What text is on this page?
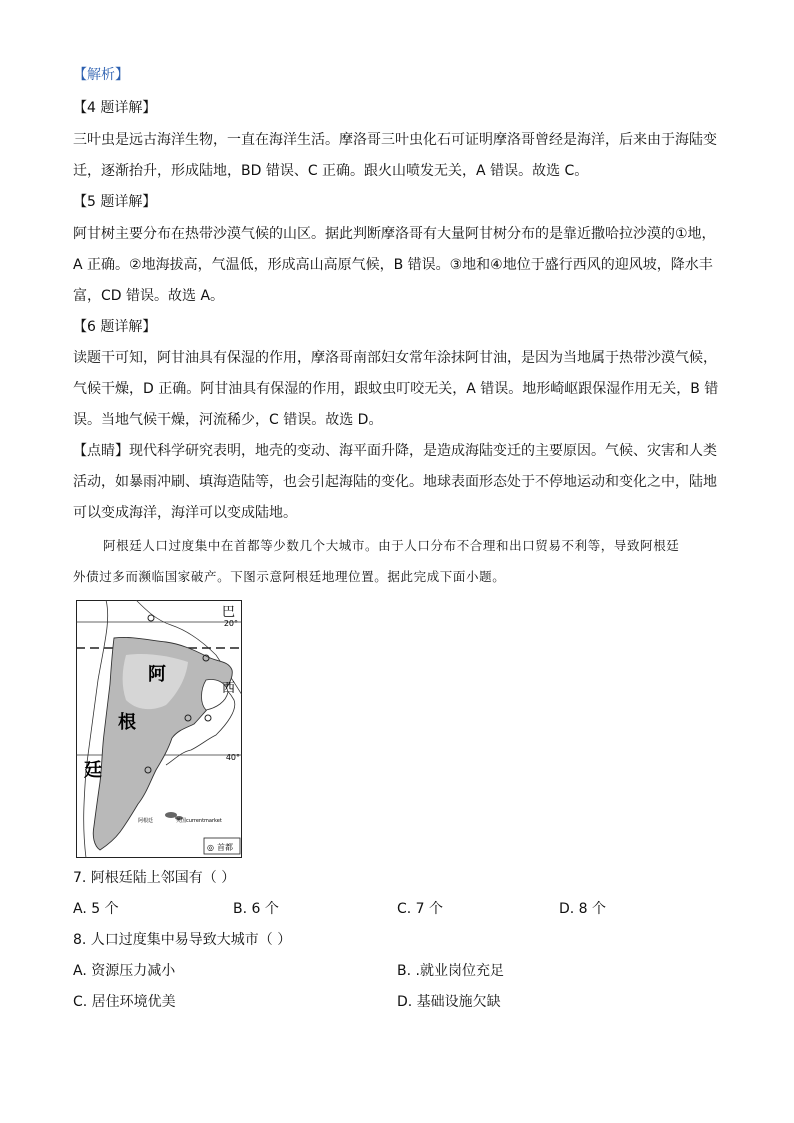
【解析】
【4 题详解】
三叶虫是远古海洋生物，一直在海洋生活。摩洛哥三叶虫化石可证明摩洛哥曾经是海洋，后来由于海陆变
迁，逐渐抬升，形成陆地，BD 错误、C 正确。跟火山喷发无关，A 错误。故选 C。
【5 题详解】
阿甘树主要分布在热带沙漠气候的山区。据此判断摩洛哥有大量阿甘树分布的是靠近撒哈拉沙漠的①地，
A 正确。②地海拔高，气温低，形成高山高原气候，B 错误。③地和④地位于盛行西风的迎风坡，降水丰
富，CD 错误。故选 A。
【6 题详解】
读题干可知，阿甘油具有保湿的作用，摩洛哥南部妇女常年涂抹阿甘油，是因为当地属于热带沙漠气候，
气候干燥，D 正确。阿甘油具有保湿的作用，跟蚊虫叮咬无关，A 错误。地形崎岖跟保湿作用无关，B 错
误。当地气候干燥，河流稀少，C 错误。故选 D。
【点睛】现代科学研究表明，地壳的变动、海平面升降，是造成海陆变迁的主要原因。气候、灾害和人类
活动，如暴雨冲刷、填海造陆等，也会引起海陆的变化。地球表面形态处于不停地运动和变化之中，陆地
可以变成海洋，海洋可以变成陆地。
阿根廷人口过度集中在首都等少数几个大城市。由于人口分布不合理和出口贸易不利等，导致阿根廷
外债过多而濒临国家破产。下图示意阿根廷地理位置。据此完成下面小题。
20°
40°
巴
西
阿
根
廷
阿根廷	英国currentmarket
◎ 首都
7. 阿根廷陆上邻国有（ ）
A. 5 个	B. 6 个	C. 7 个	D. 8 个
8. 人口过度集中易导致大城市（ ）
A. 资源压力减小	B. .就业岗位充足
C. 居住环境优美	D. 基础设施欠缺
